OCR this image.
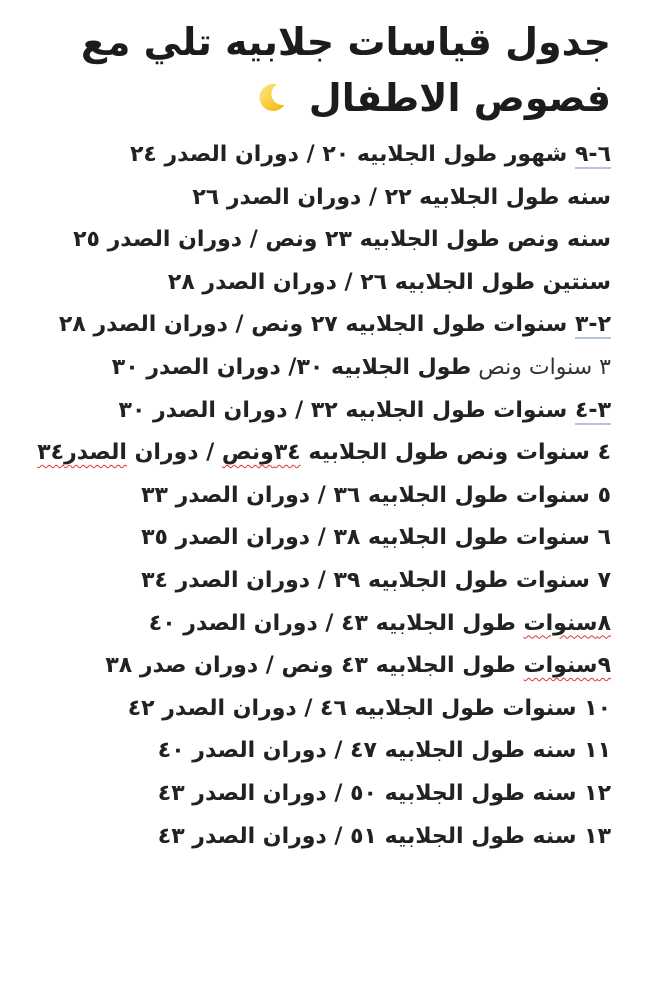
جدول قياسات جلابيه تلي مع
فصوص الاطفال
٦-٩ شهور طول الجلابيه ٢٠ / دوران الصدر ٢٤
سنه طول الجلابيه ٢٢ / دوران الصدر ٢٦
سنه ونص طول الجلابيه ٢٣ ونص / دوران الصدر ٢٥
سنتين طول الجلابيه ٢٦ / دوران الصدر ٢٨
٢-٣ سنوات طول الجلابيه ٢٧ ونص / دوران الصدر ٢٨
٣ سنوات ونص طول الجلابيه ٣٠/ دوران الصدر ٣٠
٣-٤ سنوات طول الجلابيه ٣٢ / دوران الصدر ٣٠
٤ سنوات ونص طول الجلابيه ٣٤ونص / دوران الصدر٣٤
٥ سنوات طول الجلابيه ٣٦ / دوران الصدر ٣٣
٦ سنوات طول الجلابيه ٣٨ / دوران الصدر ٣٥
٧ سنوات طول الجلابيه ٣٩ / دوران الصدر ٣٤
٨سنوات طول الجلابيه ٤٣ / دوران الصدر ٤٠
٩سنوات طول الجلابيه ٤٣ ونص / دوران صدر ٣٨
١٠ سنوات طول الجلابيه ٤٦ / دوران الصدر ٤٢
١١ سنه طول الجلابيه ٤٧ / دوران الصدر ٤٠
١٢ سنه طول الجلابيه ٥٠ / دوران الصدر ٤٣
١٣ سنه طول الجلابيه ٥١ / دوران الصدر ٤٣
